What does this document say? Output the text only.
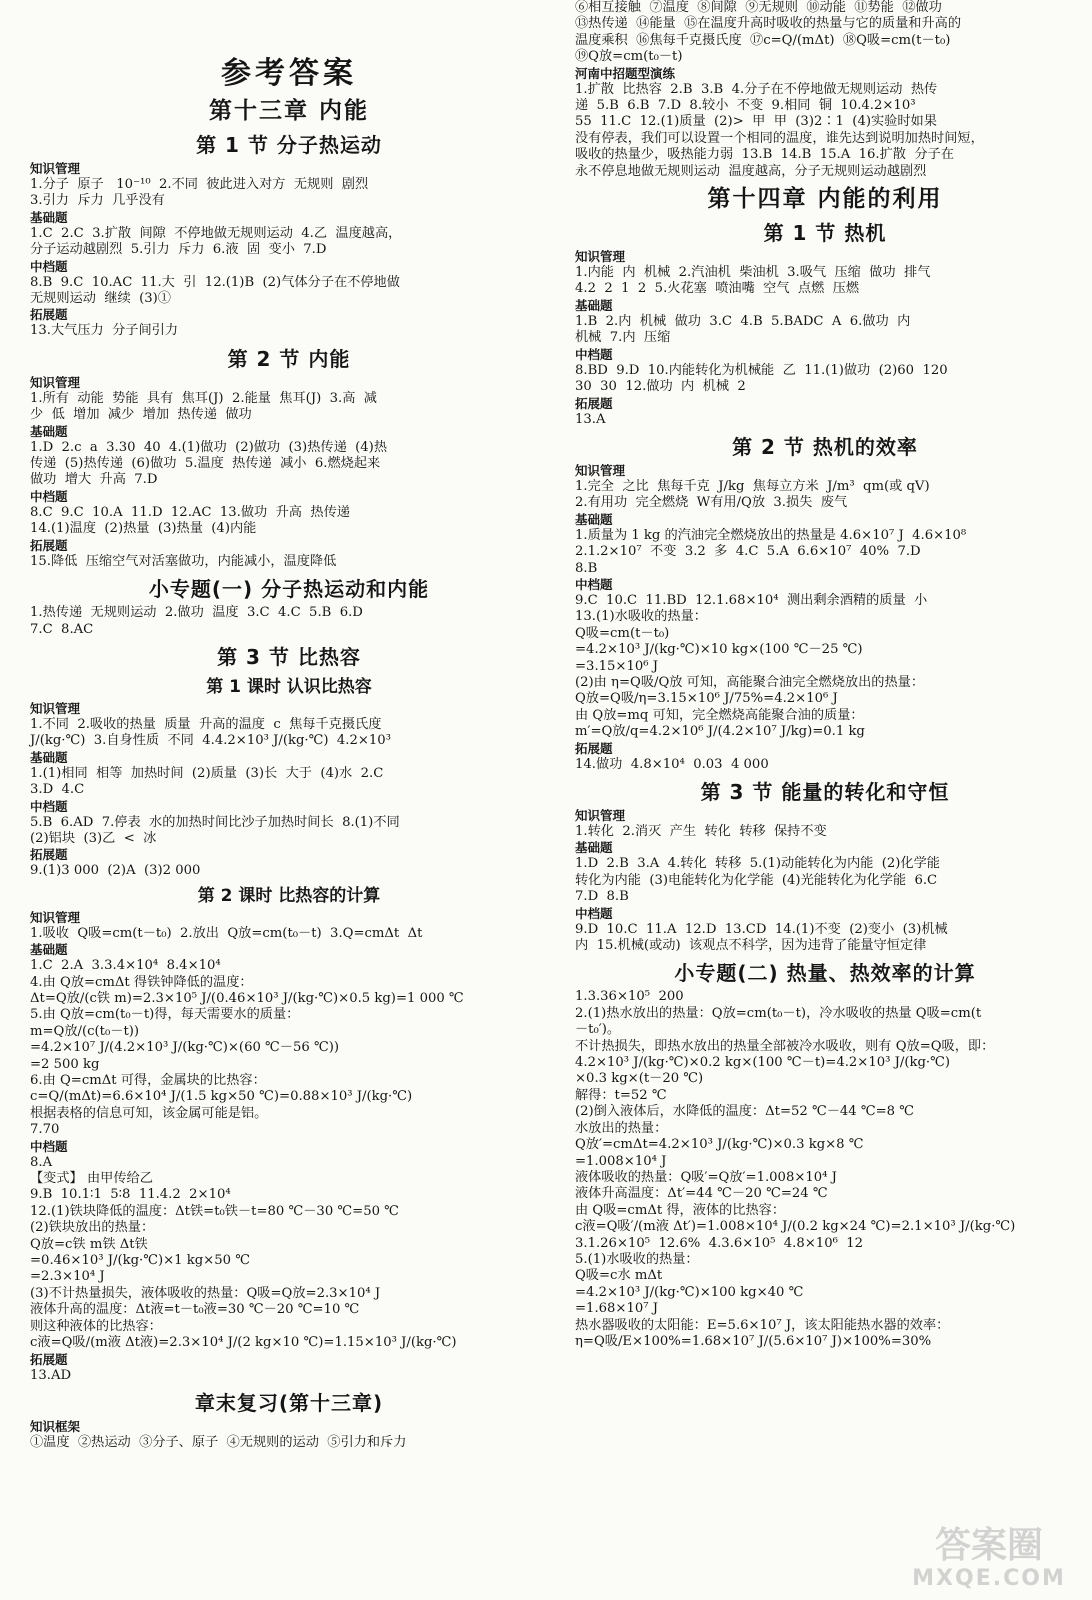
参考答案
第十三章 内能
第 1 节 分子热运动
知识管理
1.分子  原子   10⁻¹⁰  2.不同  彼此进入对方  无规则  剧烈
3.引力  斥力  几乎没有
基础题
1.C  2.C  3.扩散  间隙  不停地做无规则运动  4.乙  温度越高，
分子运动越剧烈  5.引力  斥力  6.液  固  变小  7.D
中档题
8.B  9.C  10.AC  11.大  引  12.(1)B  (2)气体分子在不停地做
无规则运动  继续  (3)①
拓展题
13.大气压力  分子间引力
第 2 节 内能
知识管理
1.所有  动能  势能  具有  焦耳(J)  2.能量  焦耳(J)  3.高  减
少  低  增加  减少  增加  热传递  做功
基础题
1.D  2.c  a  3.30  40  4.(1)做功  (2)做功  (3)热传递  (4)热
传递  (5)热传递  (6)做功  5.温度  热传递  减小  6.燃烧起来
做功  增大  升高  7.D
中档题
8.C  9.C  10.A  11.D  12.AC  13.做功  升高  热传递
14.(1)温度  (2)热量  (3)热量  (4)内能
拓展题
15.降低  压缩空气对活塞做功，内能减小，温度降低
小专题(一) 分子热运动和内能
1.热传递  无规则运动  2.做功  温度  3.C  4.C  5.B  6.D
7.C  8.AC
第 3 节 比热容
第 1 课时 认识比热容
知识管理
1.不同  2.吸收的热量  质量  升高的温度  c  焦每千克摄氏度
J/(kg·℃)  3.自身性质  不同  4.4.2×10³ J/(kg·℃)  4.2×10³
基础题
1.(1)相同  相等  加热时间  (2)质量  (3)长  大于  (4)水  2.C
3.D  4.C
中档题
5.B  6.AD  7.停表  水的加热时间比沙子加热时间长  8.(1)不同
(2)铝块  (3)乙  <  冰
拓展题
9.(1)3 000  (2)A  (3)2 000
第 2 课时 比热容的计算
知识管理
1.吸收  Q吸=cm(t－t₀)  2.放出  Q放=cm(t₀－t)  3.Q=cmΔt  Δt
基础题
1.C  2.A  3.3.4×10⁴  8.4×10⁴
4.由 Q放=cmΔt 得铁钟降低的温度：
Δt=Q放/(c铁 m)=2.3×10⁵ J/(0.46×10³ J/(kg·℃)×0.5 kg)=1 000 ℃
5.由 Q放=cm(t₀－t)得，每天需要水的质量：
m=Q放/(c(t₀－t))
=4.2×10⁷ J/(4.2×10³ J/(kg·℃)×(60 ℃－56 ℃))
=2 500 kg
6.由 Q=cmΔt 可得，金属块的比热容：
c=Q/(mΔt)=6.6×10⁴ J/(1.5 kg×50 ℃)=0.88×10³ J/(kg·℃)
根据表格的信息可知，该金属可能是铝。
7.70
中档题
8.A
【变式】 由甲传给乙
9.B  10.1∶1  5∶8  11.4.2  2×10⁴
12.(1)铁块降低的温度：Δt铁=t₀铁－t=80 ℃－30 ℃=50 ℃
(2)铁块放出的热量：
Q放=c铁 m铁 Δt铁
=0.46×10³ J/(kg·℃)×1 kg×50 ℃
=2.3×10⁴ J
(3)不计热量损失，液体吸收的热量：Q吸=Q放=2.3×10⁴ J
液体升高的温度：Δt液=t－t₀液=30 ℃－20 ℃=10 ℃
则这种液体的比热容：
c液=Q吸/(m液 Δt液)=2.3×10⁴ J/(2 kg×10 ℃)=1.15×10³ J/(kg·℃)
拓展题
13.AD
章末复习(第十三章)
知识框架
①温度  ②热运动  ③分子、原子  ④无规则的运动  ⑤引力和斥力
⑥相互接触  ⑦温度  ⑧间隙  ⑨无规则  ⑩动能  ⑪势能  ⑫做功
⑬热传递  ⑭能量  ⑮在温度升高时吸收的热量与它的质量和升高的
温度乘积  ⑯焦每千克摄氏度  ⑰c=Q/(mΔt)  ⑱Q吸=cm(t－t₀)
⑲Q放=cm(t₀－t)
河南中招题型演练
1.扩散  比热容  2.B  3.B  4.分子在不停地做无规则运动  热传
递  5.B  6.B  7.D  8.较小  不变  9.相同  铜  10.4.2×10³
55  11.C  12.(1)质量  (2)>  甲  甲  (3)2∶1  (4)实验时如果
没有停表，我们可以设置一个相同的温度，谁先达到说明加热时间短，
吸收的热量少，吸热能力弱  13.B  14.B  15.A  16.扩散  分子在
永不停息地做无规则运动  温度越高，分子无规则运动越剧烈
第十四章 内能的利用
第 1 节 热机
知识管理
1.内能  内  机械  2.汽油机  柴油机  3.吸气  压缩  做功  排气
4.2  2  1  2  5.火花塞  喷油嘴  空气  点燃  压燃
基础题
1.B  2.内  机械  做功  3.C  4.B  5.BADC  A  6.做功  内
机械  7.内  压缩
中档题
8.BD  9.D  10.内能转化为机械能  乙  11.(1)做功  (2)60  120
30  30  12.做功  内  机械  2
拓展题
13.A
第 2 节 热机的效率
知识管理
1.完全  之比  焦每千克  J/kg  焦每立方米  J/m³  qm(或 qV)
2.有用功  完全燃烧  W有用/Q放  3.损失  废气
基础题
1.质量为 1 kg 的汽油完全燃烧放出的热量是 4.6×10⁷ J  4.6×10⁸
2.1.2×10⁷  不变  3.2  多  4.C  5.A  6.6×10⁷  40%  7.D
8.B
中档题
9.C  10.C  11.BD  12.1.68×10⁴  测出剩余酒精的质量  小
13.(1)水吸收的热量：
Q吸=cm(t－t₀)
=4.2×10³ J/(kg·℃)×10 kg×(100 ℃－25 ℃)
=3.15×10⁶ J
(2)由 η=Q吸/Q放 可知，高能聚合油完全燃烧放出的热量：
Q放=Q吸/η=3.15×10⁶ J/75%=4.2×10⁶ J
由 Q放=mq 可知，完全燃烧高能聚合油的质量：
m′=Q放/q=4.2×10⁶ J/(4.2×10⁷ J/kg)=0.1 kg
拓展题
14.做功  4.8×10⁴  0.03  4 000
第 3 节 能量的转化和守恒
知识管理
1.转化  2.消灭  产生  转化  转移  保持不变
基础题
1.D  2.B  3.A  4.转化  转移  5.(1)动能转化为内能  (2)化学能
转化为内能  (3)电能转化为化学能  (4)光能转化为化学能  6.C
7.D  8.B
中档题
9.D  10.C  11.A  12.D  13.CD  14.(1)不变  (2)变小  (3)机械
内  15.机械(或动)  该观点不科学，因为违背了能量守恒定律
小专题(二) 热量、热效率的计算
1.3.36×10⁵  200
2.(1)热水放出的热量：Q放=cm(t₀－t)，冷水吸收的热量 Q吸=cm(t
－t₀′)。
不计热损失，即热水放出的热量全部被冷水吸收，则有 Q放=Q吸，即：
4.2×10³ J/(kg·℃)×0.2 kg×(100 ℃－t)=4.2×10³ J/(kg·℃)
×0.3 kg×(t－20 ℃)
解得：t=52 ℃
(2)倒入液体后，水降低的温度：Δt=52 ℃－44 ℃=8 ℃
水放出的热量：
Q放′=cmΔt=4.2×10³ J/(kg·℃)×0.3 kg×8 ℃
=1.008×10⁴ J
液体吸收的热量：Q吸′=Q放′=1.008×10⁴ J
液体升高温度：Δt′=44 ℃－20 ℃=24 ℃
由 Q吸=cmΔt 得，液体的比热容：
c液=Q吸′/(m液 Δt′)=1.008×10⁴ J/(0.2 kg×24 ℃)=2.1×10³ J/(kg·℃)
3.1.26×10⁵  12.6%  4.3.6×10⁵  4.8×10⁶  12
5.(1)水吸收的热量：
Q吸=c水 mΔt
=4.2×10³ J/(kg·℃)×100 kg×40 ℃
=1.68×10⁷ J
热水器吸收的太阳能：E=5.6×10⁷ J，该太阳能热水器的效率：
η=Q吸/E×100%=1.68×10⁷ J/(5.6×10⁷ J)×100%=30%
答案圈
MXQE.COM
